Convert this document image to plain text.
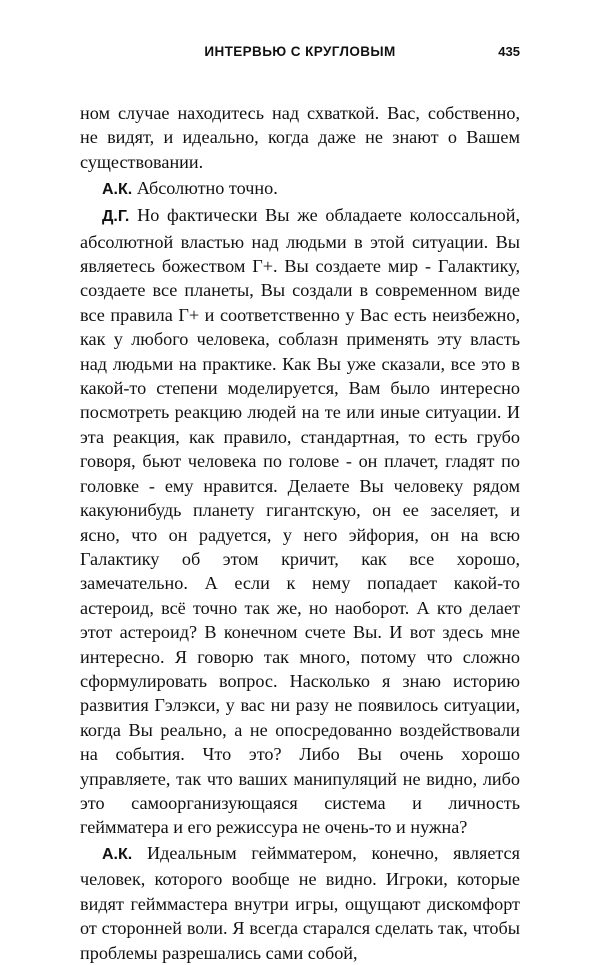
ИНТЕРВЬЮ С КРУГЛОВЫМ	435

ном случае находитесь над схваткой. Вас, собственно, не видят, и идеально, когда даже не знают о Вашем существовании.

А.К. Абсолютно точно.

Д.Г. Но фактически Вы же обладаете колоссальной, абсолютной властью над людьми в этой ситуации. Вы являетесь божеством Г+. Вы создаете мир - Галактику, создаете все планеты, Вы создали в современном виде все правила Г+ и соответственно у Вас есть неизбежно, как у любого человека, соблазн применять эту власть над людьми на практике. Как Вы уже сказали, все это в какой-то степени моделируется, Вам было интересно посмотреть реакцию людей на те или иные ситуации. И эта реакция, как правило, стандартная, то есть грубо говоря, бьют человека по голове - он плачет, гладят по головке - ему нравится. Делаете Вы человеку рядом какуюнибудь планету гигантскую, он ее заселяет, и ясно, что он радуется, у него эйфория, он на всю Галактику об этом кричит, как все хорошо, замечательно. А если к нему попадает какой-то астероид, всё точно так же, но наоборот. А кто делает этот астероид? В конечном счете Вы. И вот здесь мне интересно. Я говорю так много, потому что сложно сформулировать вопрос. Насколько я знаю историю развития Гэлэкси, у вас ни разу не появилось ситуации, когда Вы реально, а не опосредованно воздействовали на события. Что это? Либо Вы очень хорошо управляете, так что ваших манипуляций не видно, либо это самоорганизующаяся система и личность геймматера и его режиссура не очень-то и нужна?

А.К. Идеальным геймматером, конечно, является человек, которого вообще не видно. Игроки, которые видят гейммастера внутри игры, ощущают дискомфорт от сторонней воли. Я всегда старался сделать так, чтобы проблемы разрешались сами собой,
